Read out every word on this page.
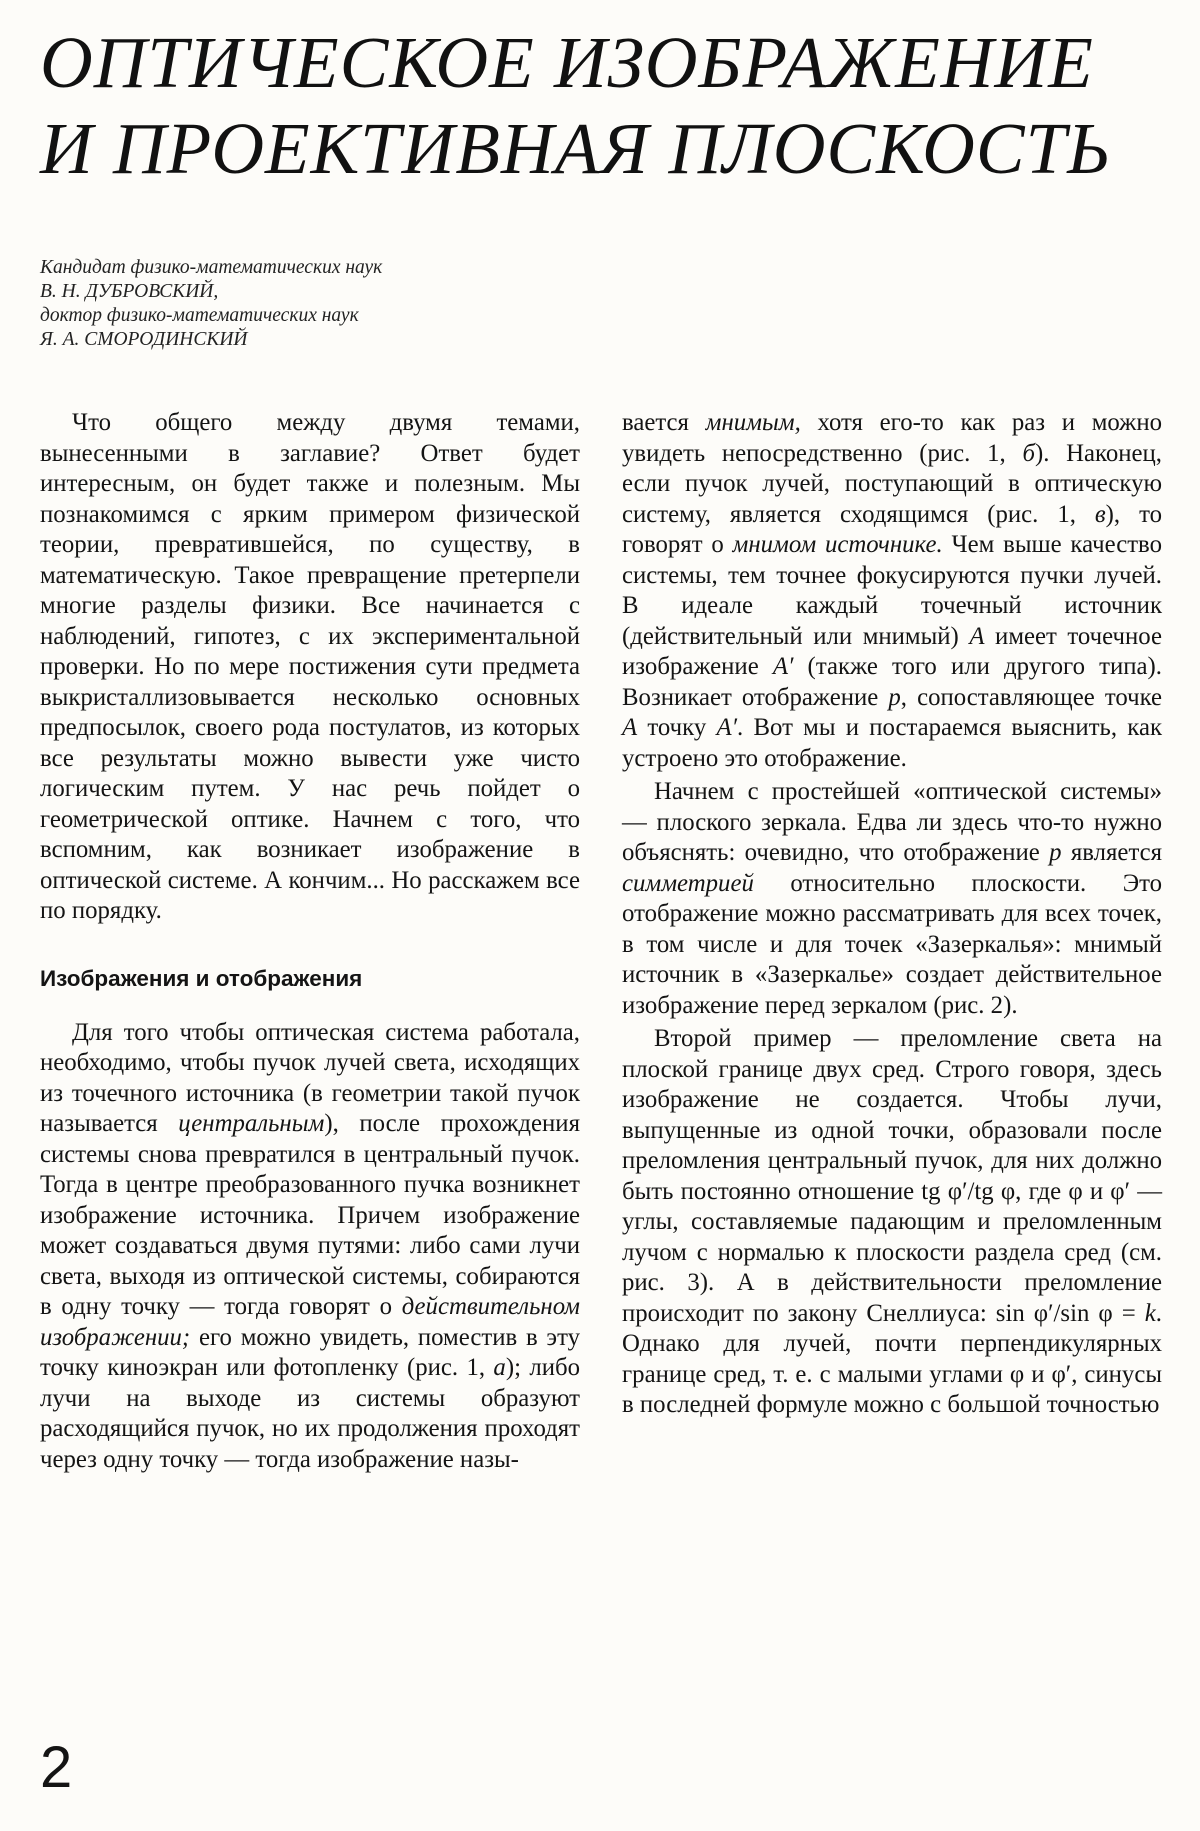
ОПТИЧЕСКОЕ ИЗОБРАЖЕНИЕ
И ПРОЕКТИВНАЯ ПЛОСКОСТЬ
Кандидат физико-математических наук
В. Н. ДУБРОВСКИЙ,
доктор физико-математических наук
Я. А. СМОРОДИНСКИЙ

Что общего между двумя темами, вынесенными в заглавие? Ответ будет интересным, он будет также и полезным. Мы познакомимся с ярким примером физической теории, превратившейся, по существу, в математическую. Такое превращение претерпели многие разделы физики. Все начинается с наблюдений, гипотез, с их экспериментальной проверки. Но по мере постижения сути предмета выкристаллизовывается несколько основных предпосылок, своего рода постулатов, из которых все результаты можно вывести уже чисто логическим путем. У нас речь пойдет о геометрической оптике. Начнем с того, что вспомним, как возникает изображение в оптической системе. А кончим... Но расскажем все по порядку.

Изображения и отображения

Для того чтобы оптическая система работала, необходимо, чтобы пучок лучей света, исходящих из точечного источника (в геометрии такой пучок называется центральным), после прохождения системы снова превратился в центральный пучок. Тогда в центре преобразованного пучка возникнет изображение источника. Причем изображение может создаваться двумя путями: либо сами лучи света, выходя из оптической системы, собираются в одну точку — тогда говорят о действительном изображении; его можно увидеть, поместив в эту точку киноэкран или фотопленку (рис. 1, а); либо лучи на выходе из системы образуют расходящийся пучок, но их продолжения проходят через одну точку — тогда изображение назы-

вается мнимым, хотя его-то как раз и можно увидеть непосредственно (рис. 1, б). Наконец, если пучок лучей, поступающий в оптическую систему, является сходящимся (рис. 1, в), то говорят о мнимом источнике. Чем выше качество системы, тем точнее фокусируются пучки лучей. В идеале каждый точечный источник (действительный или мнимый) A имеет точечное изображение A′ (также того или другого типа). Возникает отображение p, сопоставляющее точке A точку A′. Вот мы и постараемся выяснить, как устроено это отображение.

Начнем с простейшей «оптической системы» — плоского зеркала. Едва ли здесь что-то нужно объяснять: очевидно, что отображение p является симметрией относительно плоскости. Это отображение можно рассматривать для всех точек, в том числе и для точек «Зазеркалья»: мнимый источник в «Зазеркалье» создает действительное изображение перед зеркалом (рис. 2).

Второй пример — преломление света на плоской границе двух сред. Строго говоря, здесь изображение не создается. Чтобы лучи, выпущенные из одной точки, образовали после преломления центральный пучок, для них должно быть постоянно отношение tg φ′/tg φ, где φ и φ′ — углы, составляемые падающим и преломленным лучом с нормалью к плоскости раздела сред (см. рис. 3). А в действительности преломление происходит по закону Снеллиуса: sin φ′/sin φ = k. Однако для лучей, почти перпендикулярных границе сред, т. е. с малыми углами φ и φ′, синусы в последней формуле можно с большой точностью

2
